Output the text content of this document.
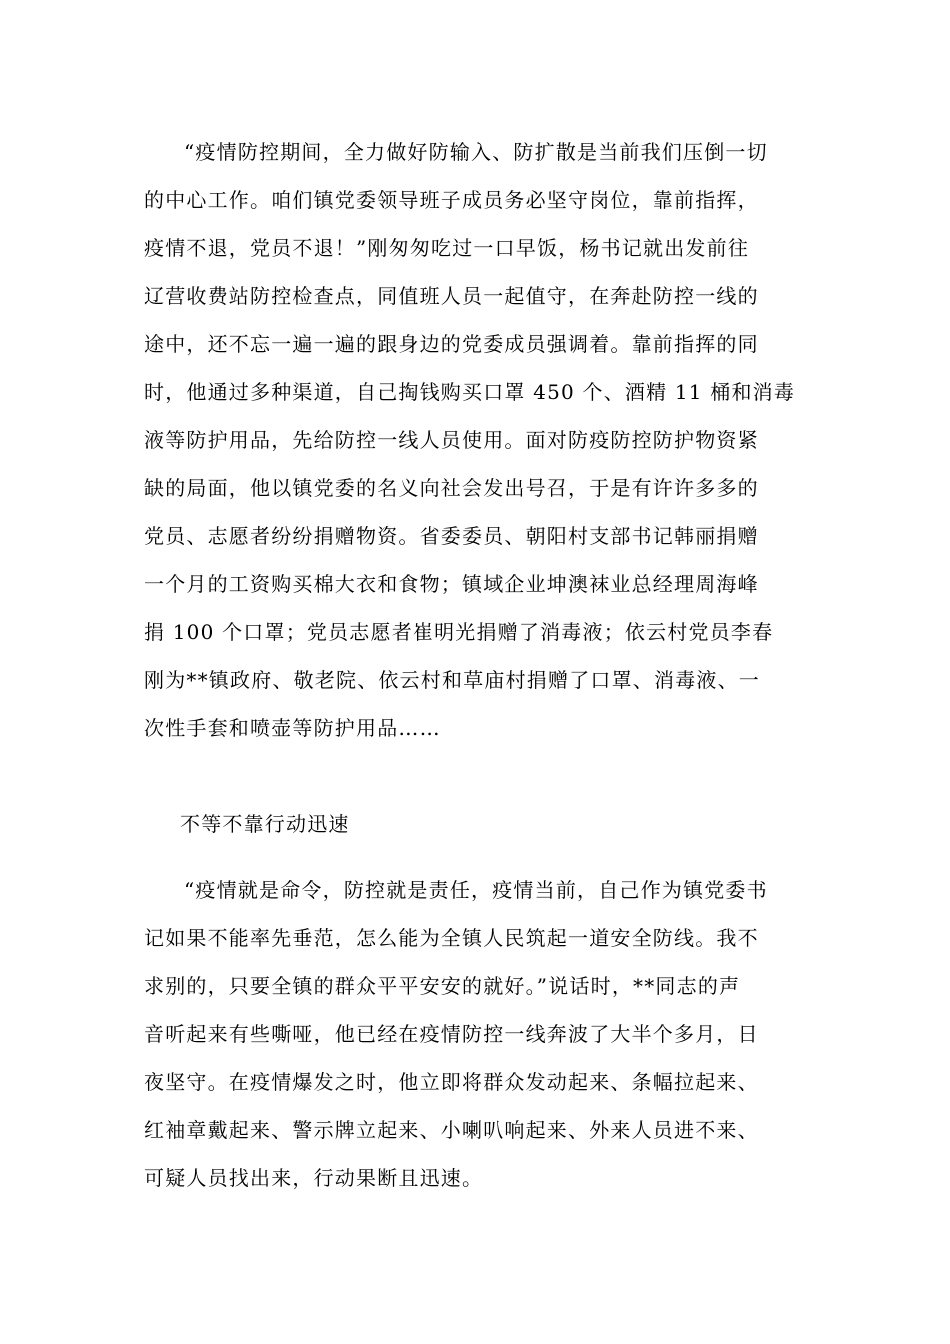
“疫情防控期间，全力做好防输入、防扩散是当前我们压倒一切
的中心工作。咱们镇党委领导班子成员务必坚守岗位，靠前指挥，
疫情不退，党员不退！”刚匆匆吃过一口早饭，杨书记就出发前往
辽营收费站防控检查点，同值班人员一起值守，在奔赴防控一线的
途中，还不忘一遍一遍的跟身边的党委成员强调着。靠前指挥的同
时，他通过多种渠道，自己掏钱购买口罩 450 个、酒精 11 桶和消毒
液等防护用品，先给防控一线人员使用。面对防疫防控防护物资紧
缺的局面，他以镇党委的名义向社会发出号召，于是有许许多多的
党员、志愿者纷纷捐赠物资。省委委员、朝阳村支部书记韩丽捐赠
一个月的工资购买棉大衣和食物；镇域企业坤澳袜业总经理周海峰
捐 100 个口罩；党员志愿者崔明光捐赠了消毒液；依云村党员李春
刚为**镇政府、敬老院、依云村和草庙村捐赠了口罩、消毒液、一
次性手套和喷壶等防护用品……
不等不靠行动迅速
“疫情就是命令，防控就是责任，疫情当前，自己作为镇党委书
记如果不能率先垂范，怎么能为全镇人民筑起一道安全防线。我不
求别的，只要全镇的群众平平安安的就好。”说话时，**同志的声
音听起来有些嘶哑，他已经在疫情防控一线奔波了大半个多月，日
夜坚守。在疫情爆发之时，他立即将群众发动起来、条幅拉起来、
红袖章戴起来、警示牌立起来、小喇叭响起来、外来人员进不来、
可疑人员找出来，行动果断且迅速。
